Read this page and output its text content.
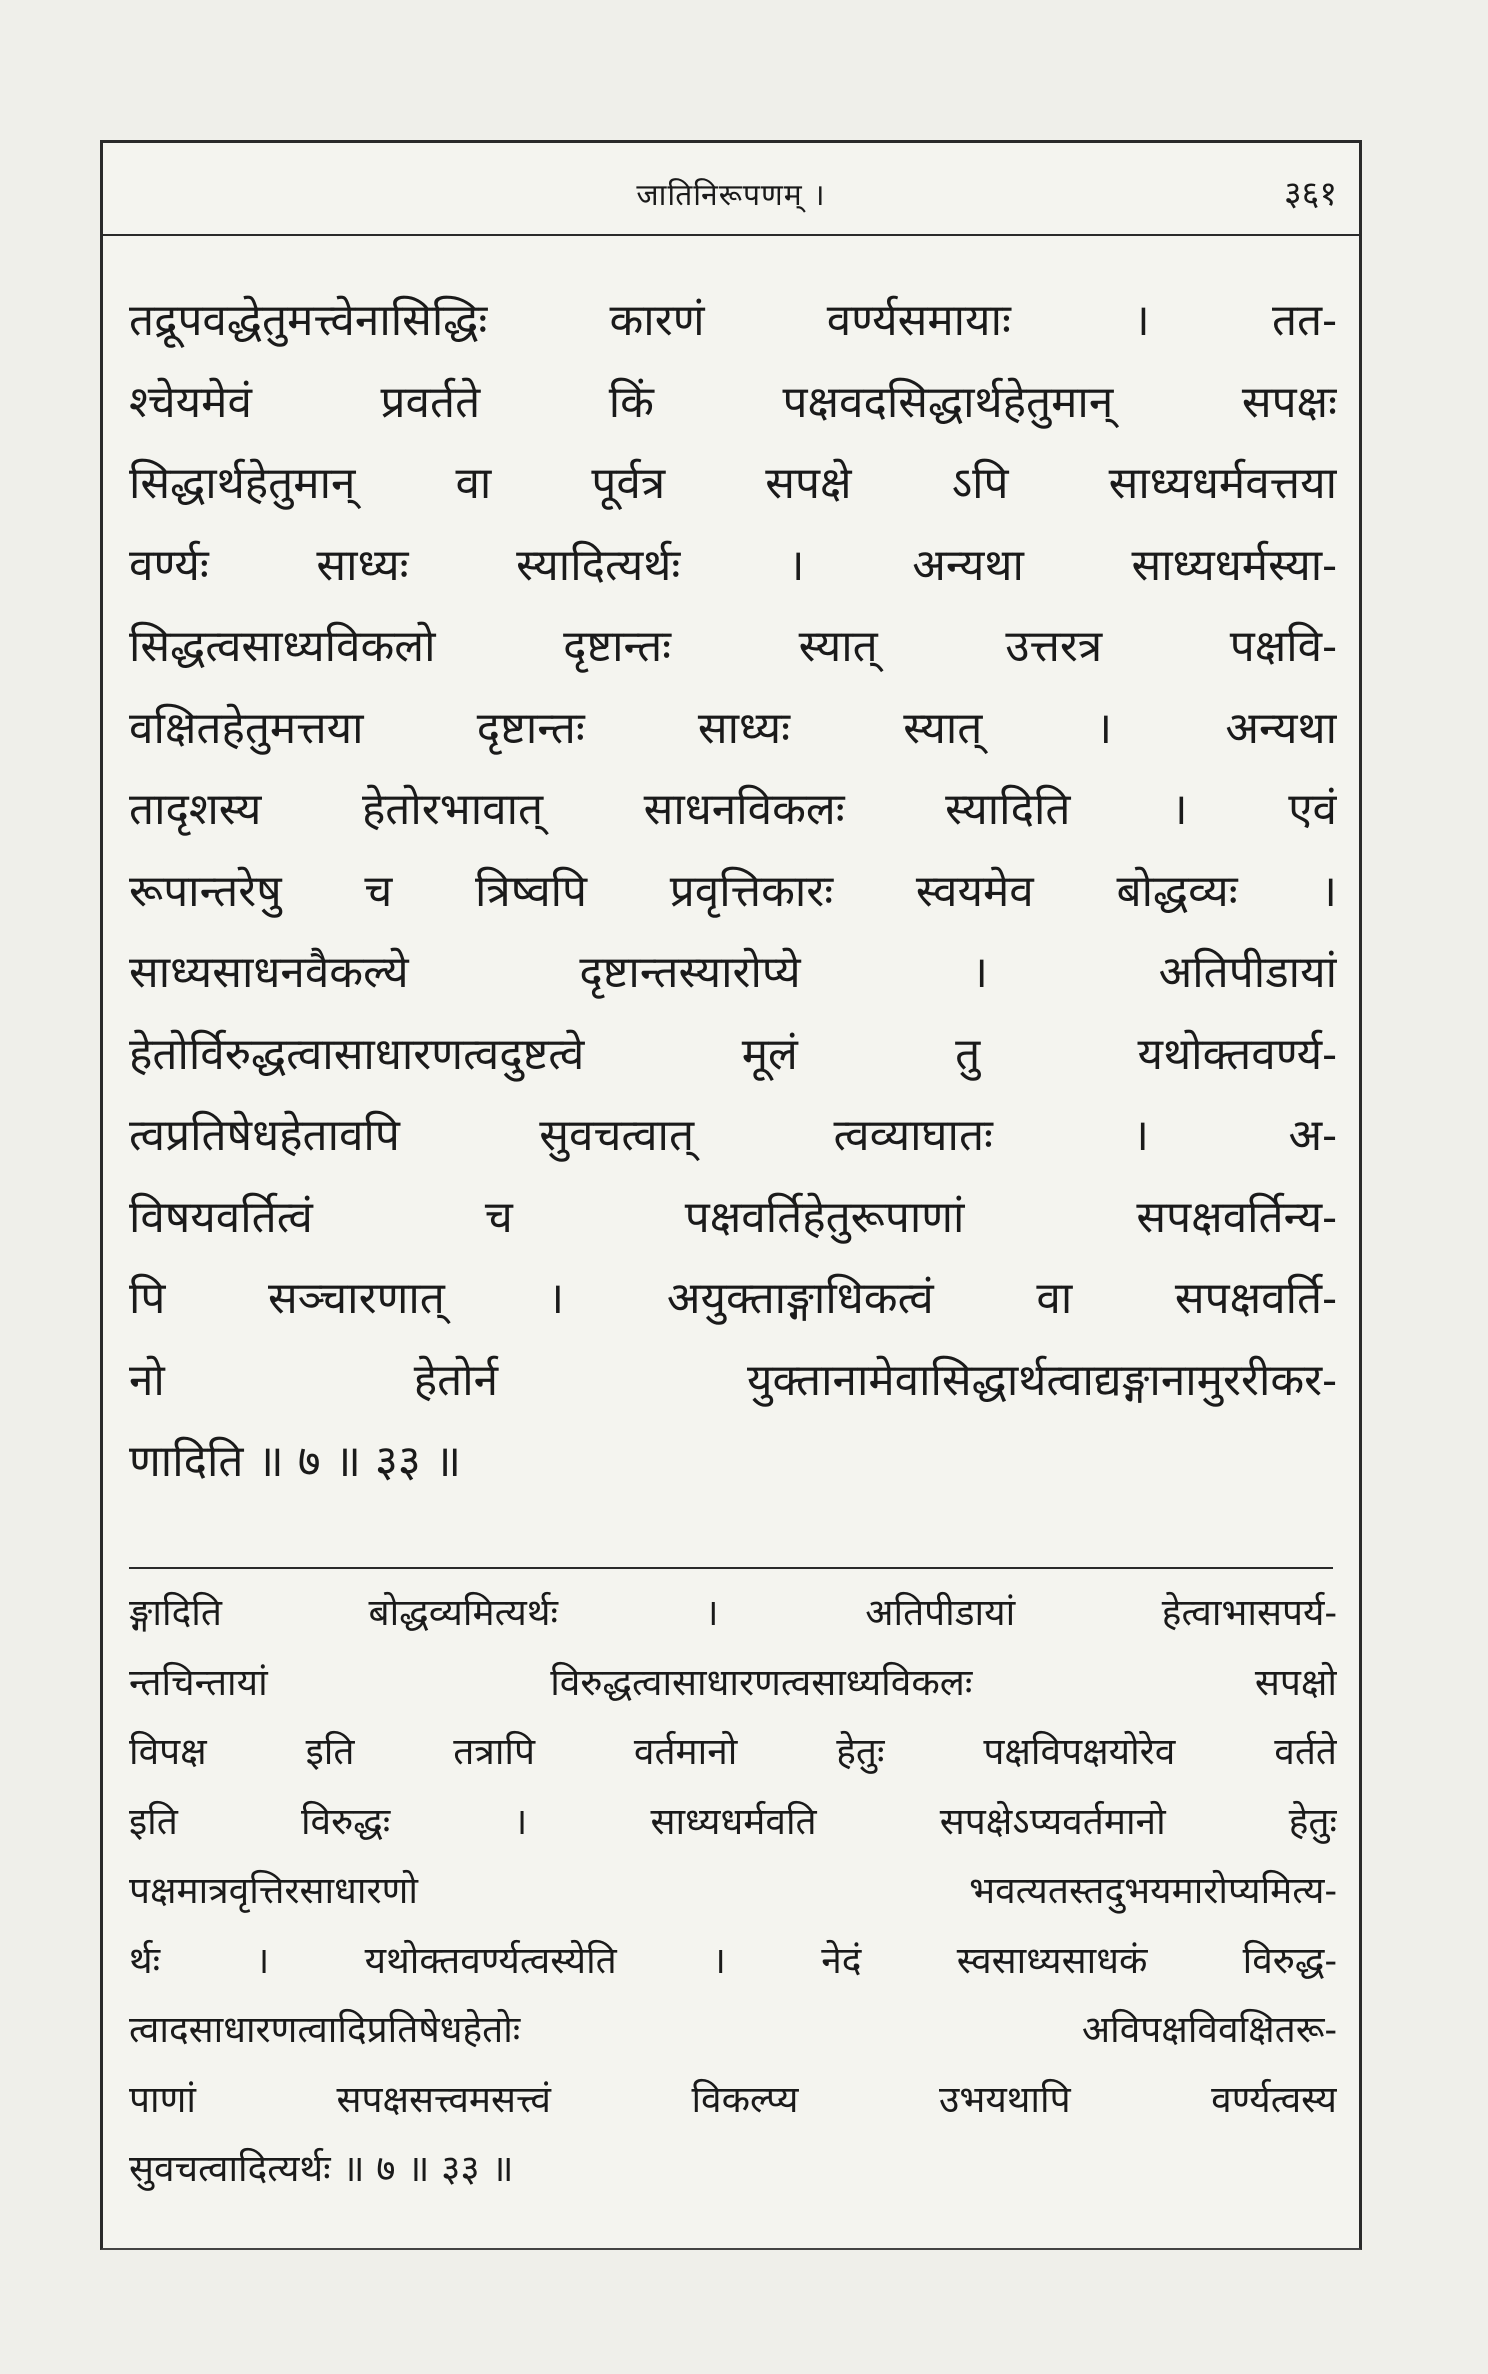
जातिनिरूपणम् ।	३६१
तद्रूपवद्धेतुमत्त्वेनासिद्धिः कारणं वर्ण्यसमायाः । तत-
श्चेयमेवं प्रवर्तते किं पक्षवदसिद्धार्थहेतुमान् सपक्षः
सिद्धार्थहेतुमान् वा पूर्वत्र सपक्षे ऽपि साध्यधर्मवत्तया
वर्ण्यः साध्यः स्यादित्यर्थः । अन्यथा साध्यधर्मस्या-
सिद्धत्वसाध्यविकलो दृष्टान्तः स्यात् उत्तरत्र पक्षवि-
वक्षितहेतुमत्तया दृष्टान्तः साध्यः स्यात् । अन्यथा
तादृशस्य हेतोरभावात् साधनविकलः स्यादिति । एवं
रूपान्तरेषु च त्रिष्वपि प्रवृत्तिकारः स्वयमेव बोद्धव्यः ।
साध्यसाधनवैकल्ये दृष्टान्तस्यारोप्ये । अतिपीडायां
हेतोर्विरुद्धत्वासाधारणत्वदुष्टत्वे मूलं तु यथोक्तवर्ण्य-
त्वप्रतिषेधहेतावपि सुवचत्वात् त्वव्याघातः । अ-
विषयवर्तित्वं च पक्षवर्तिहेतुरूपाणां सपक्षवर्तिन्य-
पि सञ्चारणात् । अयुक्ताङ्गाधिकत्वं वा सपक्षवर्ति-
नो हेतोर्न युक्तानामेवासिद्धार्थत्वाद्यङ्गानामुररीकर-
णादिति ॥ ७ ॥ ३३ ॥
ङ्गादिति बोद्धव्यमित्यर्थः । अतिपीडायां हेत्वाभासपर्य-
न्तचिन्तायां विरुद्धत्वासाधारणत्वसाध्यविकलः सपक्षो
विपक्ष इति तत्रापि वर्तमानो हेतुः पक्षविपक्षयोरेव वर्तते
इति विरुद्धः । साध्यधर्मवति सपक्षेऽप्यवर्तमानो हेतुः
पक्षमात्रवृत्तिरसाधारणो भवत्यतस्तदुभयमारोप्यमित्य-
र्थः । यथोक्तवर्ण्यत्वस्येति । नेदं स्वसाध्यसाधकं विरुद्ध-
त्वादसाधारणत्वादिप्रतिषेधहेतोः अविपक्षविवक्षितरू-
पाणां सपक्षसत्त्वमसत्त्वं विकल्प्य उभयथापि वर्ण्यत्वस्य
सुवचत्वादित्यर्थः ॥ ७ ॥ ३३ ॥
